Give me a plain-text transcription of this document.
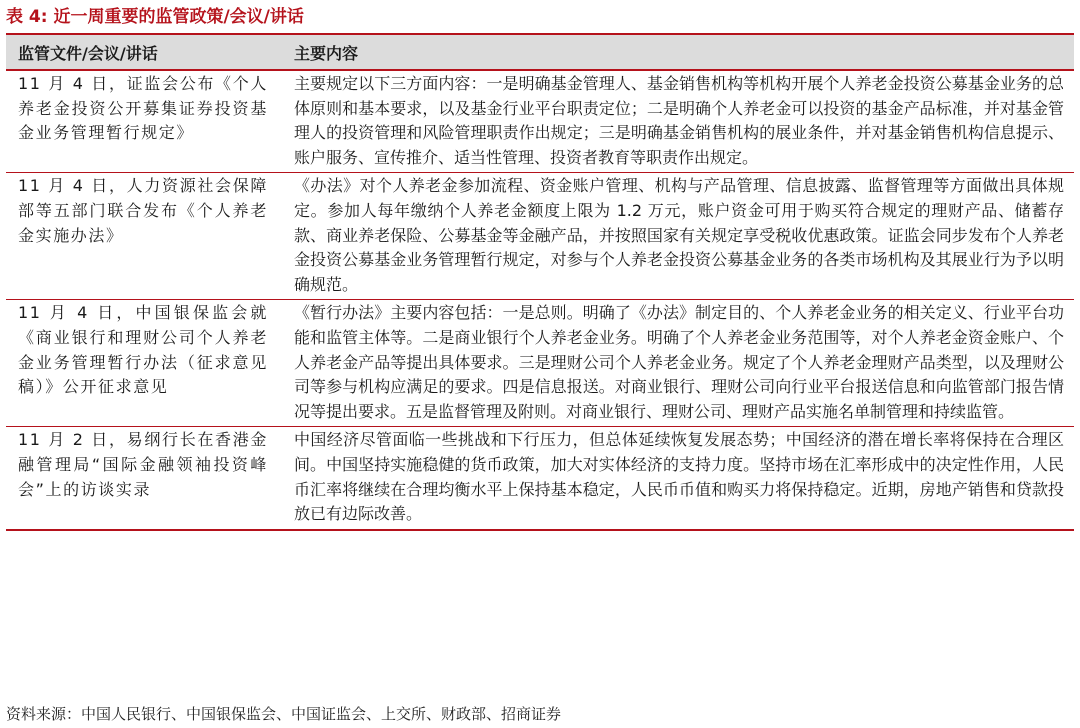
表 4: 近一周重要的监管政策/会议/讲话
监管文件/会议/讲话	主要内容
11 月 4 日，证监会公布《个人养老金投资公开募集证券投资基金业务管理暂行规定》	主要规定以下三方面内容：一是明确基金管理人、基金销售机构等机构开展个人养老金投资公募基金业务的总体原则和基本要求，以及基金行业平台职责定位；二是明确个人养老金可以投资的基金产品标准，并对基金管理人的投资管理和风险管理职责作出规定；三是明确基金销售机构的展业条件，并对基金销售机构信息提示、账户服务、宣传推介、适当性管理、投资者教育等职责作出规定。
11 月 4 日，人力资源社会保障部等五部门联合发布《个人养老金实施办法》	《办法》对个人养老金参加流程、资金账户管理、机构与产品管理、信息披露、监督管理等方面做出具体规定。参加人每年缴纳个人养老金额度上限为 1.2 万元，账户资金可用于购买符合规定的理财产品、储蓄存款、商业养老保险、公募基金等金融产品，并按照国家有关规定享受税收优惠政策。证监会同步发布个人养老金投资公募基金业务管理暂行规定，对参与个人养老金投资公募基金业务的各类市场机构及其展业行为予以明确规范。
11 月 4 日，中国银保监会就《商业银行和理财公司个人养老金业务管理暂行办法（征求意见稿）》公开征求意见	《暂行办法》主要内容包括：一是总则。明确了《办法》制定目的、个人养老金业务的相关定义、行业平台功能和监管主体等。二是商业银行个人养老金业务。明确了个人养老金业务范围等，对个人养老金资金账户、个人养老金产品等提出具体要求。三是理财公司个人养老金业务。规定了个人养老金理财产品类型，以及理财公司等参与机构应满足的要求。四是信息报送。对商业银行、理财公司向行业平台报送信息和向监管部门报告情况等提出要求。五是监督管理及附则。对商业银行、理财公司、理财产品实施名单制管理和持续监管。
11 月 2 日，易纲行长在香港金融管理局“国际金融领袖投资峰会”上的访谈实录	中国经济尽管面临一些挑战和下行压力，但总体延续恢复发展态势；中国经济的潜在增长率将保持在合理区间。中国坚持实施稳健的货币政策，加大对实体经济的支持力度。坚持市场在汇率形成中的决定性作用，人民币汇率将继续在合理均衡水平上保持基本稳定，人民币币值和购买力将保持稳定。近期，房地产销售和贷款投放已有边际改善。
资料来源：中国人民银行、中国银保监会、中国证监会、上交所、财政部、招商证券
